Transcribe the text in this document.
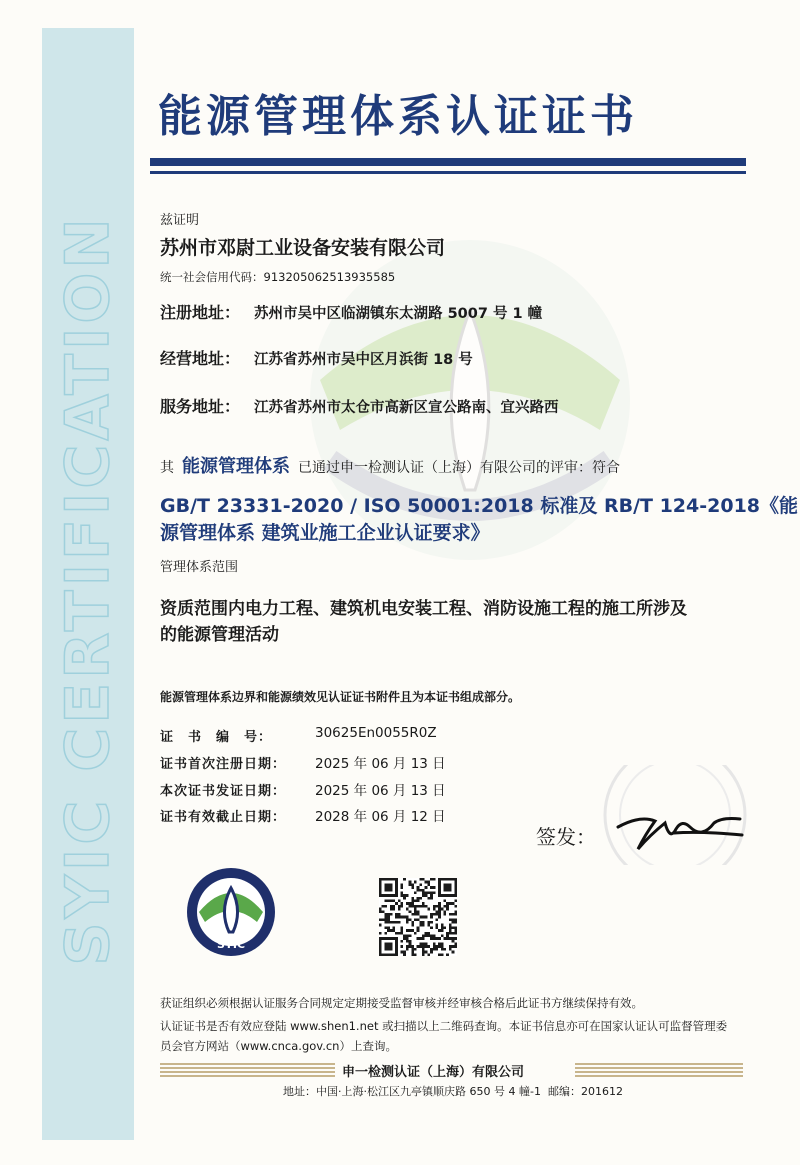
SYIC CERTIFICATION
能源管理体系认证证书
兹证明
苏州市邓尉工业设备安装有限公司
统一社会信用代码：913205062513935585
注册地址： 苏州市吴中区临湖镇东太湖路 5007 号 1 幢
经营地址： 江苏省苏州市吴中区月浜街 18 号
服务地址： 江苏省苏州市太仓市高新区宣公路南、宜兴路西
其 能源管理体系 已通过申一检测认证（上海）有限公司的评审：符合
GB/T 23331-2020 / ISO 50001:2018 标准及 RB/T 124-2018《能
源管理体系 建筑业施工企业认证要求》
管理体系范围
资质范围内电力工程、建筑机电安装工程、消防设施工程的施工所涉及
的能源管理活动
能源管理体系边界和能源绩效见认证证书附件且为本证书组成部分。
证　书　编　号：	30625En0055R0Z
证书首次注册日期： 2025 年 06 月 13 日
本次证书发证日期： 2025 年 06 月 13 日
证书有效截止日期： 2028 年 06 月 12 日
签发：
SYIC
获证组织必须根据认证服务合同规定定期接受监督审核并经审核合格后此证书方继续保持有效。
认证证书是否有效应登陆 www.shen1.net 或扫描以上二维码查询。本证书信息亦可在国家认证认可监督管理委
员会官方网站（www.cnca.gov.cn）上查询。
申一检测认证（上海）有限公司
地址：中国·上海·松江区九亭镇顺庆路 650 号 4 幢-1 邮编：201612
